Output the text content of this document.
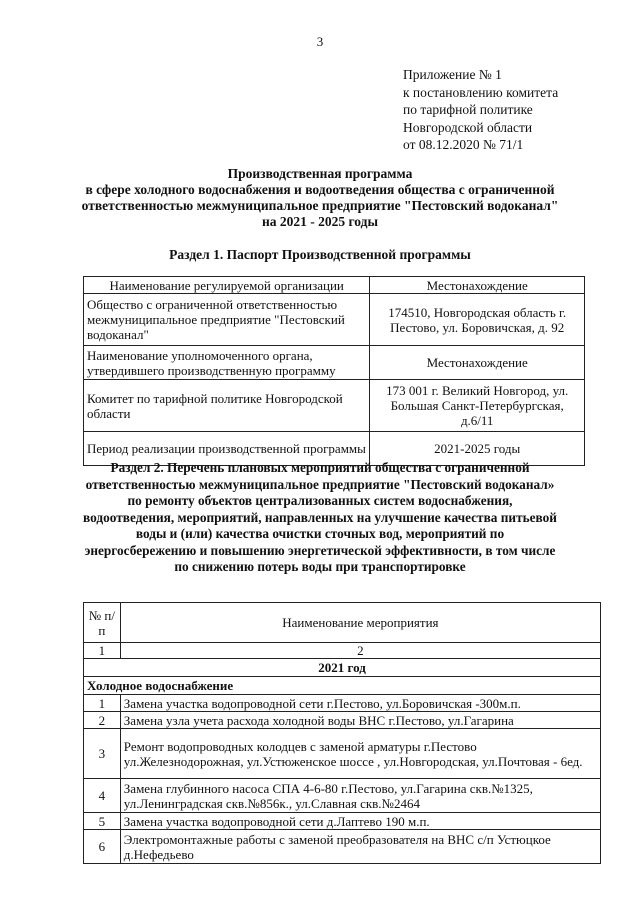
3
Приложение № 1
к постановлению комитета
по тарифной политике
Новгородской области
от 08.12.2020 № 71/1
Производственная программа
в сфере холодного водоснабжения и водоотведения общества с ограниченной
ответственностью межмуниципальное предприятие "Пестовский водоканал"
на 2021 - 2025 годы
Раздел 1. Паспорт Производственной программы
Наименование регулируемой организации	Местонахождение
Общество с ограниченной ответственностью межмуниципальное предприятие "Пестовский водоканал"	174510, Новгородская область г. Пестово, ул. Боровичская, д. 92
Наименование уполномоченного органа, утвердившего производственную программу	Местонахождение
Комитет по тарифной политике Новгородской области	173 001 г. Великий Новгород, ул. Большая Санкт-Петербургская, д.6/11
Период реализации производственной программы	2021-2025 годы
Раздел 2. Перечень плановых мероприятий общества с ограниченной
ответственностью межмуниципальное предприятие "Пестовский водоканал»
по ремонту объектов централизованных систем водоснабжения,
водоотведения, мероприятий, направленных на улучшение качества питьевой
воды и (или) качества очистки сточных вод, мероприятий по
энергосбережению и повышению энергетической эффективности, в том числе
по снижению потерь воды при транспортировке
№ п/п	Наименование мероприятия
1	2
2021 год	
Холодное водоснабжение	
1	Замена участка водопроводной сети г.Пестово, ул.Боровичская -300м.п.
2	Замена узла учета расхода холодной воды ВНС г.Пестово, ул.Гагарина
3	Ремонт водопроводных колодцев с заменой арматуры г.Пестово ул.Железнодорожная, ул.Устюженское шоссе , ул.Новгородская, ул.Почтовая - 6ед.
4	Замена глубинного насоса СПА 4-6-80 г.Пестово, ул.Гагарина скв.№1325, ул.Ленинградская скв.№856к., ул.Славная скв.№2464
5	Замена участка водопроводной сети д.Лаптево 190 м.п.
6	Электромонтажные работы с заменой преобразователя на ВНС с/п Устюцкое д.Нефедьево
